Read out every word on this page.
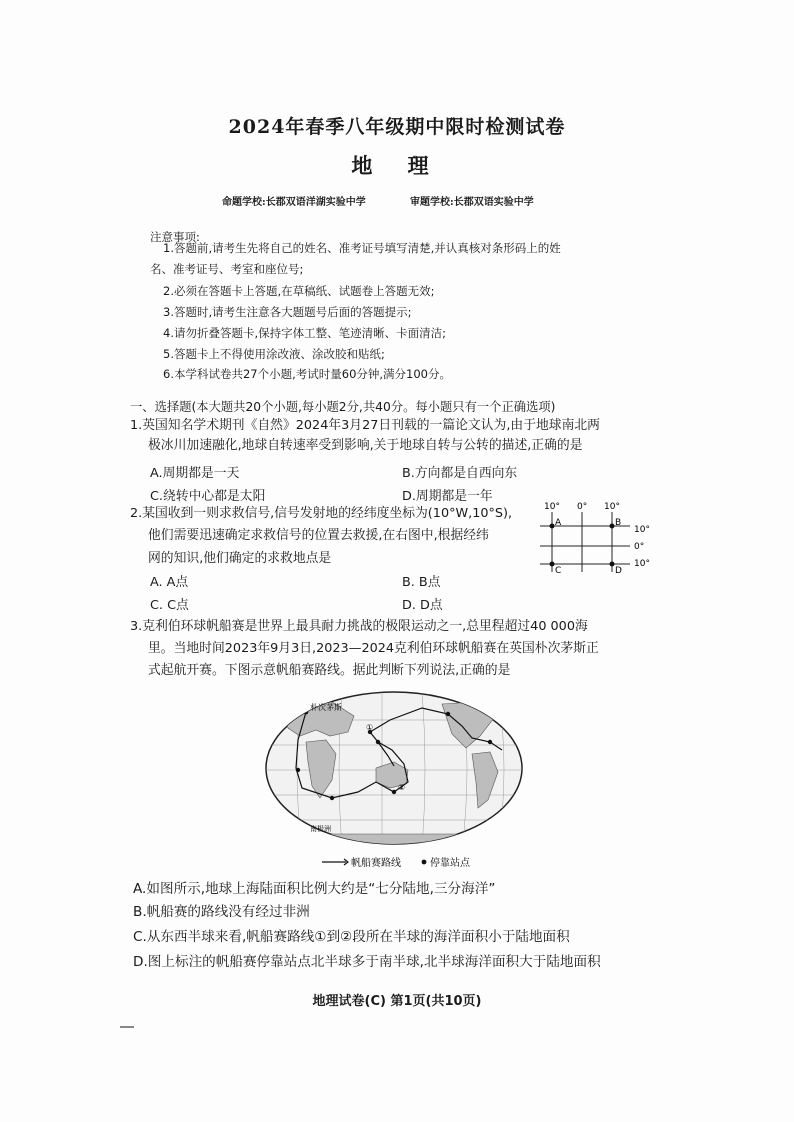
2024年春季八年级期中限时检测试卷
地 理
命题学校:长郡双语洋湖实验中学	审题学校:长郡双语实验中学
注意事项:
1.答题前,请考生先将自己的姓名、准考证号填写清楚,并认真核对条形码上的姓
名、准考证号、考室和座位号;
2.必须在答题卡上答题,在草稿纸、试题卷上答题无效;
3.答题时,请考生注意各大题题号后面的答题提示;
4.请勿折叠答题卡,保持字体工整、笔迹清晰、卡面清洁;
5.答题卡上不得使用涂改液、涂改胶和贴纸;
6.本学科试卷共27个小题,考试时量60分钟,满分100分。
一、选择题(本大题共20个小题,每小题2分,共40分。每小题只有一个正确选项)
1.英国知名学术期刊《自然》2024年3月27日刊载的一篇论文认为,由于地球南北两
极冰川加速融化,地球自转速率受到影响,关于地球自转与公转的描述,正确的是
A.周期都是一天	B.方向都是自西向东
C.绕转中心都是太阳	D.周期都是一年
2.某国收到一则求救信号,信号发射地的经纬度坐标为(10°W,10°S),
他们需要迅速确定求救信号的位置去救援,在右图中,根据经纬
网的知识,他们确定的求救地点是
A. A点	B. B点
C. C点	D. D点
10° 0° 10°
10°
0°
10°
A	B
C	D
3.克利伯环球帆船赛是世界上最具耐力挑战的极限运动之一,总里程超过40 000海
里。当地时间2023年9月3日,2023—2024克利伯环球帆船赛在英国朴次茅斯正
式起航开赛。下图示意帆船赛路线。据此判断下列说法,正确的是
朴次茅斯
①
②
南极洲
帆船赛路线	停靠站点
A.如图所示,地球上海陆面积比例大约是“七分陆地,三分海洋”
B.帆船赛的路线没有经过非洲
C.从东西半球来看,帆船赛路线①到②段所在半球的海洋面积小于陆地面积
D.图上标注的帆船赛停靠站点北半球多于南半球,北半球海洋面积大于陆地面积
地理试卷(C) 第1页(共10页)
